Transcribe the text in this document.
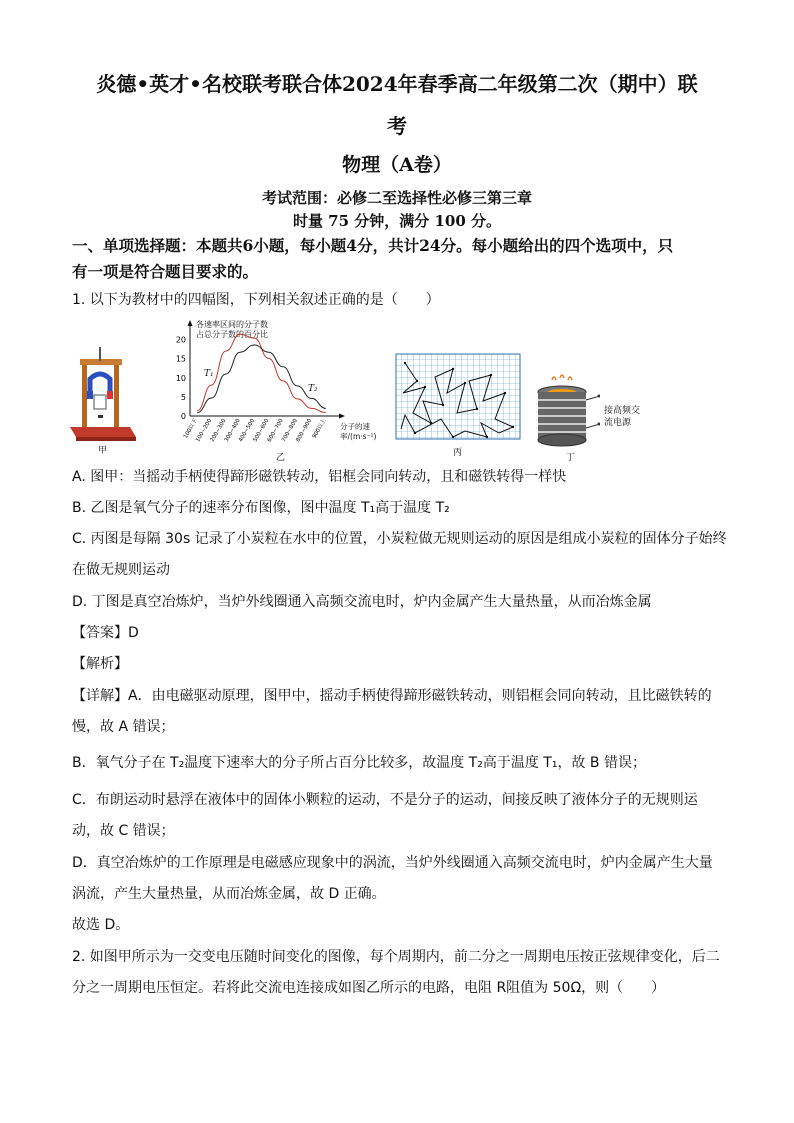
炎德•英才•名校联考联合体2024年春季高二年级第二次（期中）联
考
物理（A卷）
考试范围：必修二至选择性必修三第三章
时量 75 分钟，满分 100 分。
一、单项选择题：本题共6小题，每小题4分，共计24分。每小题给出的四个选项中，只
有一项是符合题目要求的。
1. 以下为教材中的四幅图，下列相关叙述正确的是（　　）
甲
各速率区间的分子数
占总分子数的百分比
0
5
10
15
20
100以下
100~200
200~300
300~400
400~500
500~600
600~700
700~800
800~900
900以上
T₁
T₂
分子的速
率/(m·s⁻¹)
乙	丙
接高频交
流电源
丁
A. 图甲：当摇动手柄使得蹄形磁铁转动，铝框会同向转动，且和磁铁转得一样快
B. 乙图是氧气分子的速率分布图像，图中温度 T₁高于温度 T₂
C. 丙图是每隔 30s 记录了小炭粒在水中的位置，小炭粒做无规则运动的原因是组成小炭粒的固体分子始终
在做无规则运动
D. 丁图是真空冶炼炉，当炉外线圈通入高频交流电时，炉内金属产生大量热量，从而冶炼金属
【答案】D
【解析】
【详解】A．由电磁驱动原理，图甲中，摇动手柄使得蹄形磁铁转动，则铝框会同向转动，且比磁铁转的
慢，故 A 错误；
B．氧气分子在 T₂温度下速率大的分子所占百分比较多，故温度 T₂高于温度 T₁，故 B 错误；
C．布朗运动时悬浮在液体中的固体小颗粒的运动，不是分子的运动，间接反映了液体分子的无规则运
动，故 C 错误；
D．真空冶炼炉的工作原理是电磁感应现象中的涡流，当炉外线圈通入高频交流电时，炉内金属产生大量
涡流，产生大量热量，从而冶炼金属，故 D 正确。
故选 D。
2. 如图甲所示为一交变电压随时间变化的图像，每个周期内，前二分之一周期电压按正弦规律变化，后二
分之一周期电压恒定。若将此交流电连接成如图乙所示的电路，电阻 R阻值为 50Ω，则（　　）
